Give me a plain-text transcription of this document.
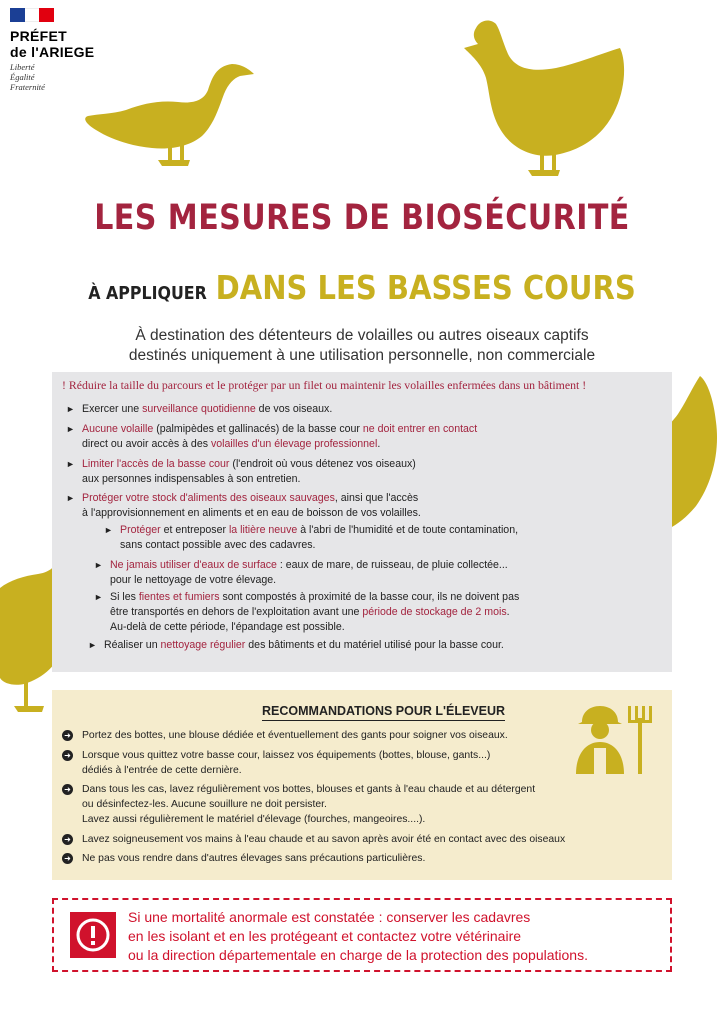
PRÉFET
de l'ARIEGE
Liberté
Égalité
Fraternité
LES MESURES DE BIOSÉCURITÉ
À APPLIQUER DANS LES BASSES COURS
À destination des détenteurs de volailles ou autres oiseaux captifs
destinés uniquement à une utilisation personnelle, non commerciale
! Réduire la taille du parcours et le protéger par un filet ou maintenir les volailles enfermées dans un bâtiment !
► Exercer une surveillance quotidienne de vos oiseaux.
► Aucune volaille (palmipèdes et gallinacés) de la basse cour ne doit entrer en contact
direct ou avoir accès à des volailles d'un élevage professionnel.
► Limiter l'accès de la basse cour (l'endroit où vous détenez vos oiseaux)
aux personnes indispensables à son entretien.
► Protéger votre stock d'aliments des oiseaux sauvages, ainsi que l'accès
à l'approvisionnement en aliments et en eau de boisson de vos volailles.
► Protéger et entreposer la litière neuve à l'abri de l'humidité et de toute contamination,
sans contact possible avec des cadavres.
► Ne jamais utiliser d'eaux de surface : eaux de mare, de ruisseau, de pluie collectée...
pour le nettoyage de votre élevage.
► Si les fientes et fumiers sont compostés à proximité de la basse cour, ils ne doivent pas
être transportés en dehors de l'exploitation avant une période de stockage de 2 mois.
Au-delà de cette période, l'épandage est possible.
► Réaliser un nettoyage régulier des bâtiments et du matériel utilisé pour la basse cour.
RECOMMANDATIONS POUR L'ÉLEVEUR
➜ Portez des bottes, une blouse dédiée et éventuellement des gants pour soigner vos oiseaux.
➜ Lorsque vous quittez votre basse cour, laissez vos équipements (bottes, blouse, gants...)
dédiés à l'entrée de cette dernière.
➜ Dans tous les cas, lavez régulièrement vos bottes, blouses et gants à l'eau chaude et au détergent
ou désinfectez-les. Aucune souillure ne doit persister.
Lavez aussi régulièrement le matériel d'élevage (fourches, mangeoires....).
➜ Lavez soigneusement vos mains à l'eau chaude et au savon après avoir été en contact avec des oiseaux
➜ Ne pas vous rendre dans d'autres élevages sans précautions particulières.
Si une mortalité anormale est constatée : conserver les cadavres
en les isolant et en les protégeant et contactez votre vétérinaire
ou la direction départementale en charge de la protection des populations.
